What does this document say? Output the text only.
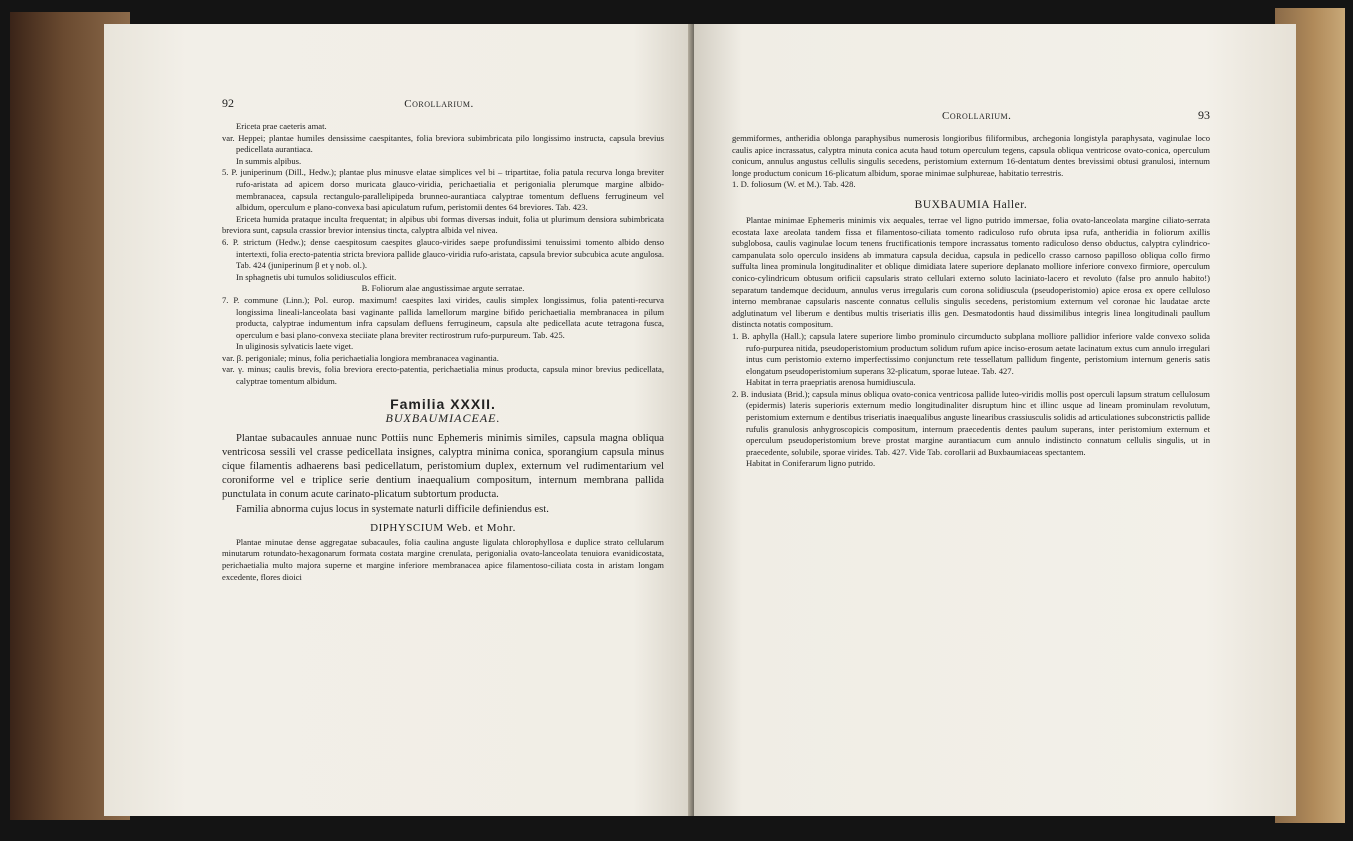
92	Corollarium.

Ericeta prae caeteris amat.

var. Heppei; plantae humiles densissime caespitantes, folia breviora subimbricata pilo longissimo instructa, capsula brevius pedicellata aurantiaca.

In summis alpibus.

5. P. juniperinum (Dill., Hedw.); plantae plus minusve elatae simplices vel bi – tripartitae, folia patula recurva longa breviter rufo-aristata ad apicem dorso muricata glauco-viridia, perichaetialia et perigonialia plerumque margine albido-membranacea, capsula rectangulo-parallelipipeda brunneo-aurantiaca calyptrae tomentum defluens ferrugineum vel albidum, operculum e plano-convexa basi apiculatum rufum, peristomii dentes 64 breviores. Tab. 423.

Ericeta humida prataque inculta frequentat; in alpibus ubi formas diversas induit, folia ut plurimum densiora subimbricata breviora sunt, capsula crassior brevior intensius tincta, calyptra albida vel nivea.

6. P. strictum (Hedw.); dense caespitosum caespites glauco-virides saepe profundissimi tenuissimi tomento albido denso intertexti, folia erecto-patentia stricta breviora pallide glauco-viridia rufo-aristata, capsula brevior subcubica acute angulosa. Tab. 424 (juniperinum β et γ nob. ol.).

In sphagnetis ubi tumulos solidiusculos efficit.

B. Foliorum alae angustissimae argute serratae.

7. P. commune (Linn.); Pol. europ. maximum! caespites laxi virides, caulis simplex longissimus, folia patenti-recurva longissima lineali-lanceolata basi vaginante pallida lamellorum margine bifido perichaetialia membranacea in pilum producta, calyptrae indumentum infra capsulam defluens ferrugineum, capsula alte pedicellata acute tetragona fusca, operculum e basi plano-convexa steciiate plana breviter rectirostrum rufo-purpureum. Tab. 425.

In uliginosis sylvaticis laete viget.

var. β. perigoniale; minus, folia perichaetialia longiora membranacea vaginantia.

var. γ. minus; caulis brevis, folia breviora erecto-patentia, perichaetialia minus producta, capsula minor brevius pedicellata, calyptrae tomentum albidum.

Familia XXXII.

BUXBAUMIACEAE.

Plantae subacaules annuae nunc Pottiis nunc Ephemeris minimis similes, capsula magna obliqua ventricosa sessili vel crasse pedicellata insignes, calyptra minima conica, sporangium capsula minus cique filamentis adhaerens basi pedicellatum, peristomium duplex, externum vel rudimentarium vel coroniforme vel e triplice serie dentium inaequalium compositum, internum membrana pallida punctulata in conum acute carinato-plicatum subtortum producta.

Familia abnorma cujus locus in systemate naturli difficile definiendus est.

DIPHYSCIUM Web. et Mohr.

Plantae minutae dense aggregatae subacaules, folia caulina anguste ligulata chlorophyllosa e duplice strato cellularum minutarum rotundato-hexagonarum formata costata margine crenulata, perigonialia ovato-lanceolata tenuiora evanidicostata, perichaetialia multo majora superne et margine inferiore membranacea apice filamentoso-ciliata costa in aristam longam excedente, flores dioici

Corollarium.	93

gemmiformes, antheridia oblonga paraphysibus numerosis longioribus filiformibus, archegonia longistyla paraphysata, vaginulae loco caulis apice incrassatus, calyptra minuta conica acuta haud totum operculum tegens, capsula obliqua ventricose ovato-conica, operculum conicum, annulus angustus cellulis singulis secedens, peristomium externum 16-dentatum dentes brevissimi obtusi granulosi, internum longe productum conicum 16-plicatum albidum, sporae minimae sulphureae, habitatio terrestris.

1. D. foliosum (W. et M.). Tab. 428.

BUXBAUMIA Haller.

Plantae minimae Ephemeris minimis vix aequales, terrae vel ligno putrido immersae, folia ovato-lanceolata margine ciliato-serrata ecostata laxe areolata tandem fissa et filamentoso-ciliata tomento radiculoso rufo obruta ipsa rufa, antheridia in foliorum axillis subglobosa, caulis vaginulae locum tenens fructificationis tempore incrassatus tomento radiculoso denso obductus, calyptra cylindrico-campanulata solo operculo insidens ab immatura capsula decidua, capsula in pedicello crasso carnoso papilloso obliqua collo firmo suffulta linea prominula longitudinaliter et oblique dimidiata latere superiore deplanato molliore inferiore convexo firmiore, operculum conico-cylindricum obtusum orificii capsularis strato cellulari externo soluto laciniato-lacero et revoluto (false pro annulo habito!) separatum tandemque deciduum, annulus verus irregularis cum corona solidiuscula (pseudoperistomio) apice erosa ex opere celluloso interno membranae capsularis nascente connatus cellulis singulis secedens, peristomium externum vel coronae hic laudatae arcte adglutinatum vel liberum e dentibus multis triseriatis illis gen. Desmatodontis haud dissimilibus integris linea longitudinali paullum distincta notatis compositum.

1. B. aphylla (Hall.); capsula latere superiore limbo prominulo circumducto subplana molliore pallidior inferiore valde convexo solida rufo-purpurea nitida, pseudoperistomium productum solidum rufum apice inciso-erosum aetate lacinatum extus cum annulo irregulari intus cum peristomio externo imperfectissimo conjunctum rete tessellatum pallidum fingente, peristomium internum generis satis elongatum pseudoperistomium superans 32-plicatum, sporae luteae. Tab. 427.

Habitat in terra praepriatis arenosa humidiuscula.

2. B. indusiata (Brid.); capsula minus obliqua ovato-conica ventricosa pallide luteo-viridis mollis post operculi lapsum stratum cellulosum (epidermis) lateris superioris externum medio longitudinaliter disruptum hinc et illinc usque ad lineam prominulam revolutum, peristomium externum e dentibus triseriatis inaequalibus anguste linearibus crassiusculis solidis ad articulationes subconstrictis pallide rufulis granulosis anhygroscopicis compositum, internum praecedentis dentes paulum superans, inter peristomium externum et operculum pseudoperistomium breve prostat margine aurantiacum cum annulo indistincto connatum cellulis singulis, ut in praecedente, solubile, sporae virides. Tab. 427. Vide Tab. corollarii ad Buxbaumiaceas spectantem.

Habitat in Coniferarum ligno putrido.
